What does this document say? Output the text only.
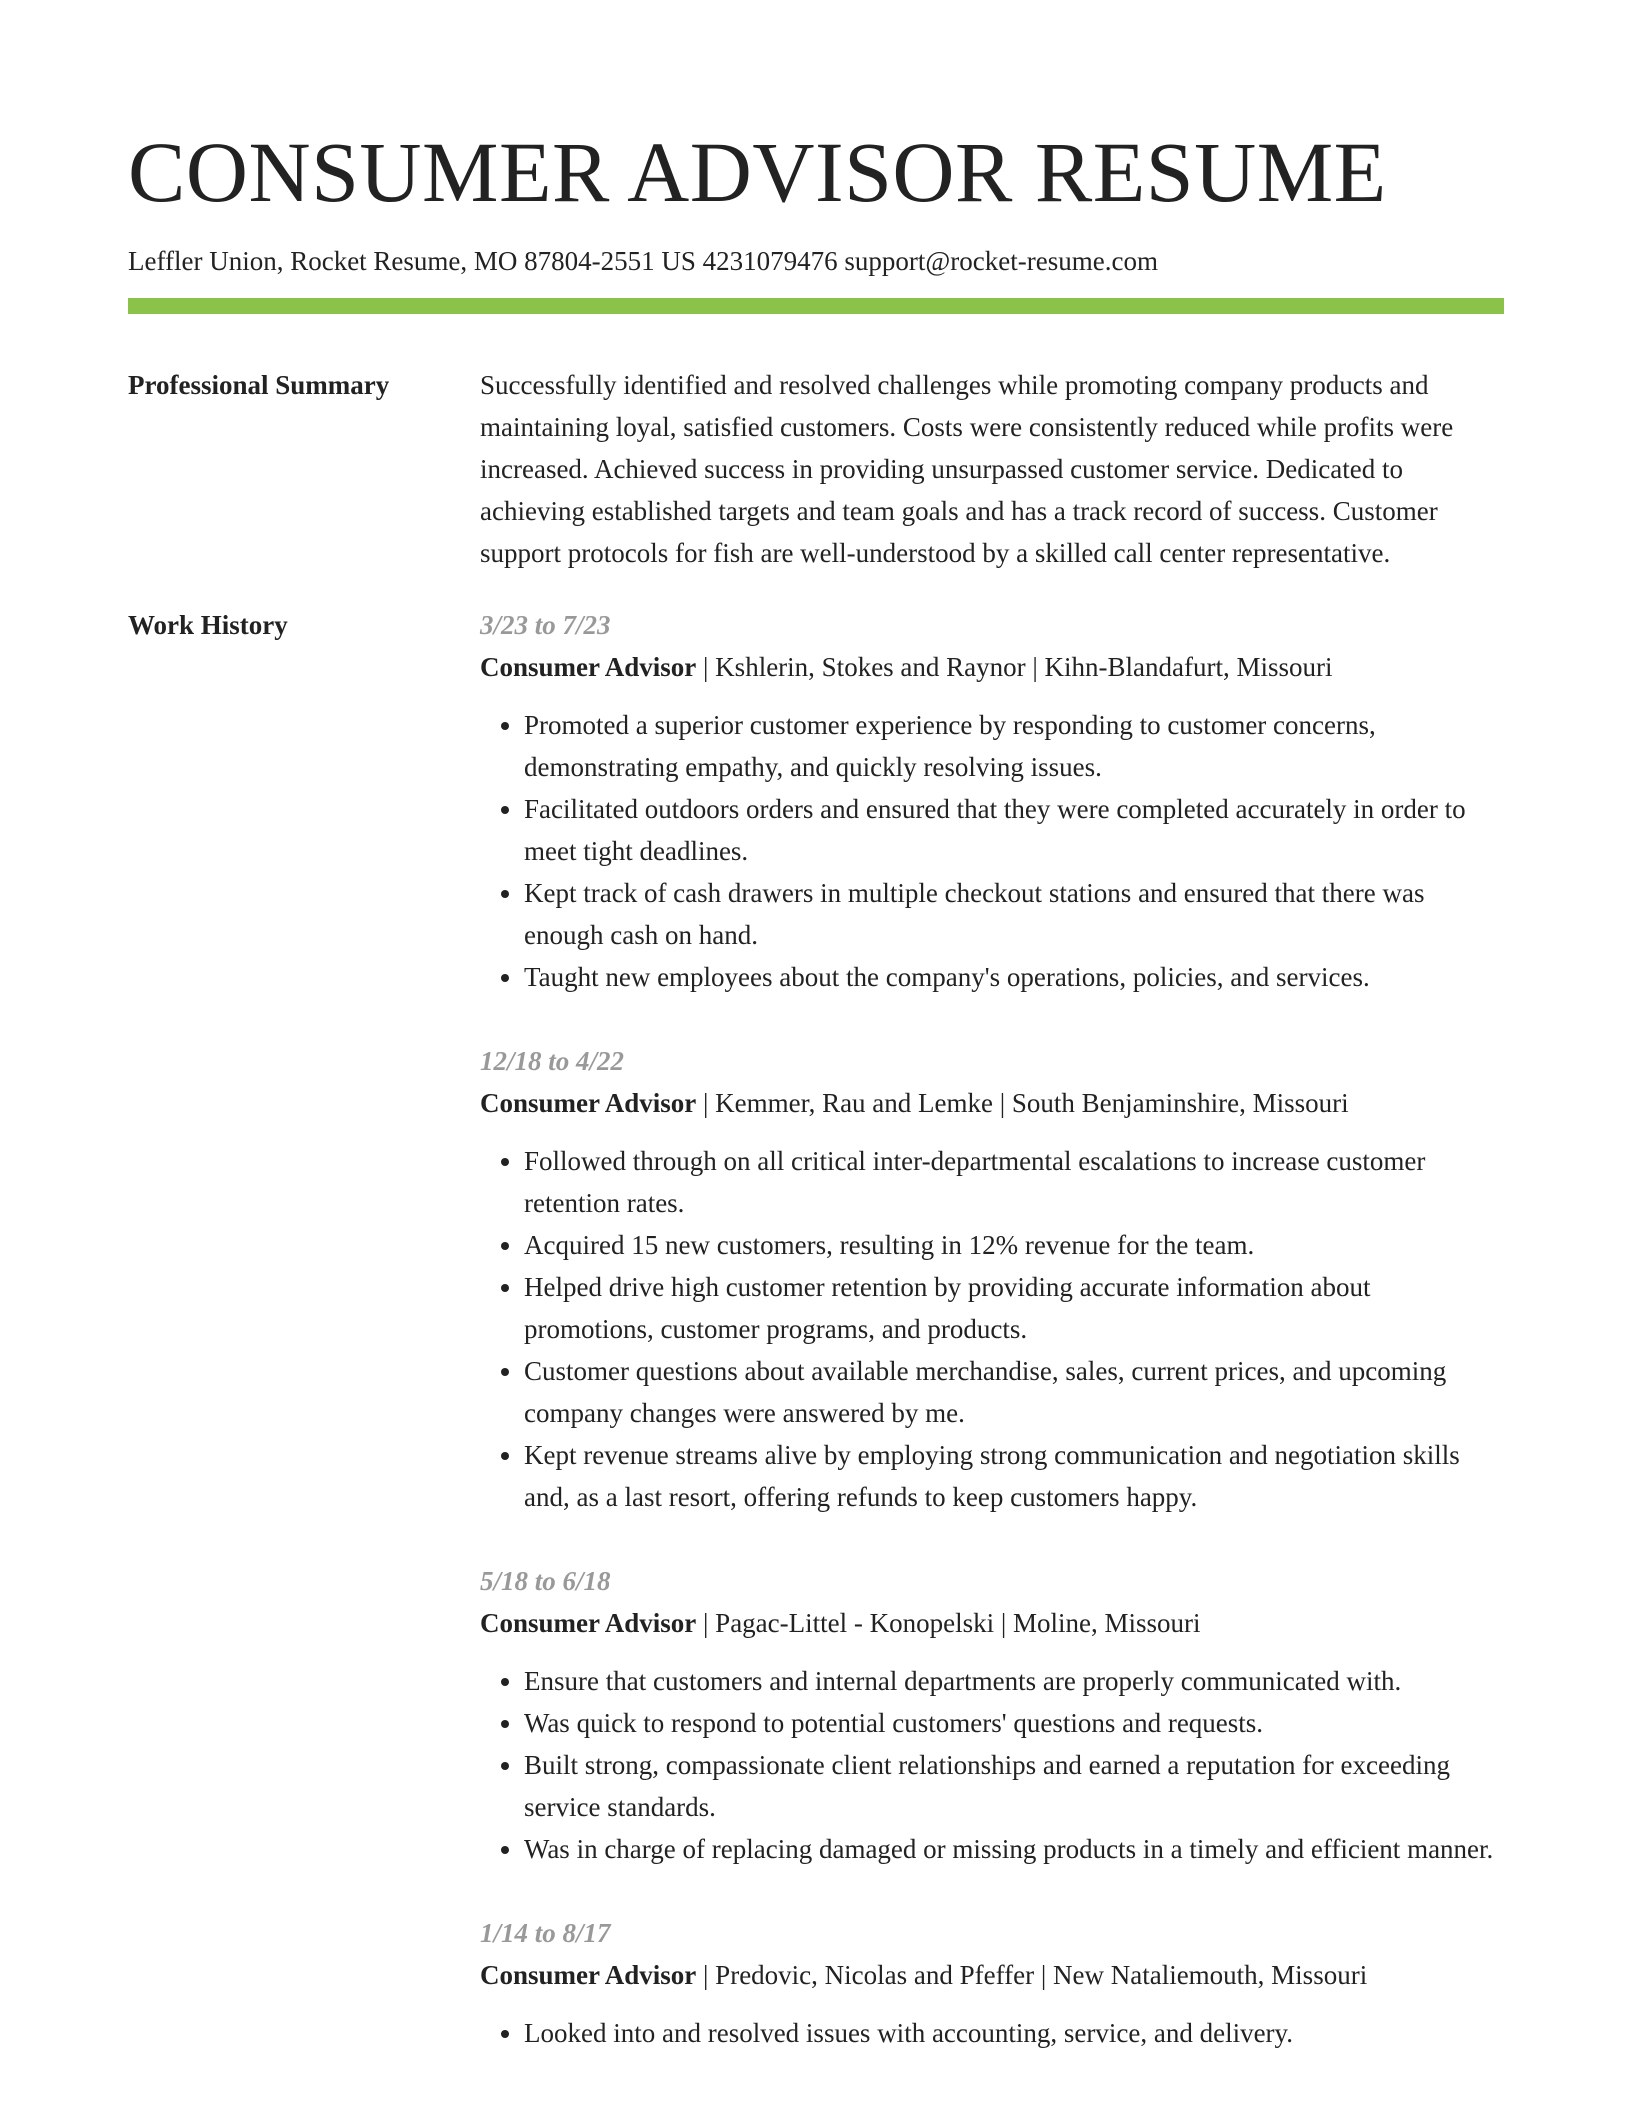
CONSUMER ADVISOR RESUME
Leffler Union, Rocket Resume, MO 87804-2551 US 4231079476 support@rocket-resume.com
Professional Summary	Successfully identified and resolved challenges while promoting company products and maintaining loyal, satisfied customers. Costs were consistently reduced while profits were increased. Achieved success in providing unsurpassed customer service. Dedicated to achieving established targets and team goals and has a track record of success. Customer support protocols for fish are well-understood by a skilled call center representative.

Work History	3/23 to 7/23
Consumer Advisor | Kshlerin, Stokes and Raynor | Kihn-Blandafurt, Missouri
• Promoted a superior customer experience by responding to customer concerns, demonstrating empathy, and quickly resolving issues.
• Facilitated outdoors orders and ensured that they were completed accurately in order to meet tight deadlines.
• Kept track of cash drawers in multiple checkout stations and ensured that there was enough cash on hand.
• Taught new employees about the company's operations, policies, and services.
12/18 to 4/22
Consumer Advisor | Kemmer, Rau and Lemke | South Benjaminshire, Missouri
• Followed through on all critical inter-departmental escalations to increase customer retention rates.
• Acquired 15 new customers, resulting in 12% revenue for the team.
• Helped drive high customer retention by providing accurate information about promotions, customer programs, and products.
• Customer questions about available merchandise, sales, current prices, and upcoming company changes were answered by me.
• Kept revenue streams alive by employing strong communication and negotiation skills and, as a last resort, offering refunds to keep customers happy.
5/18 to 6/18
Consumer Advisor | Pagac-Littel - Konopelski | Moline, Missouri
• Ensure that customers and internal departments are properly communicated with.
• Was quick to respond to potential customers' questions and requests.
• Built strong, compassionate client relationships and earned a reputation for exceeding service standards.
• Was in charge of replacing damaged or missing products in a timely and efficient manner.
1/14 to 8/17
Consumer Advisor | Predovic, Nicolas and Pfeffer | New Nataliemouth, Missouri
• Looked into and resolved issues with accounting, service, and delivery.
